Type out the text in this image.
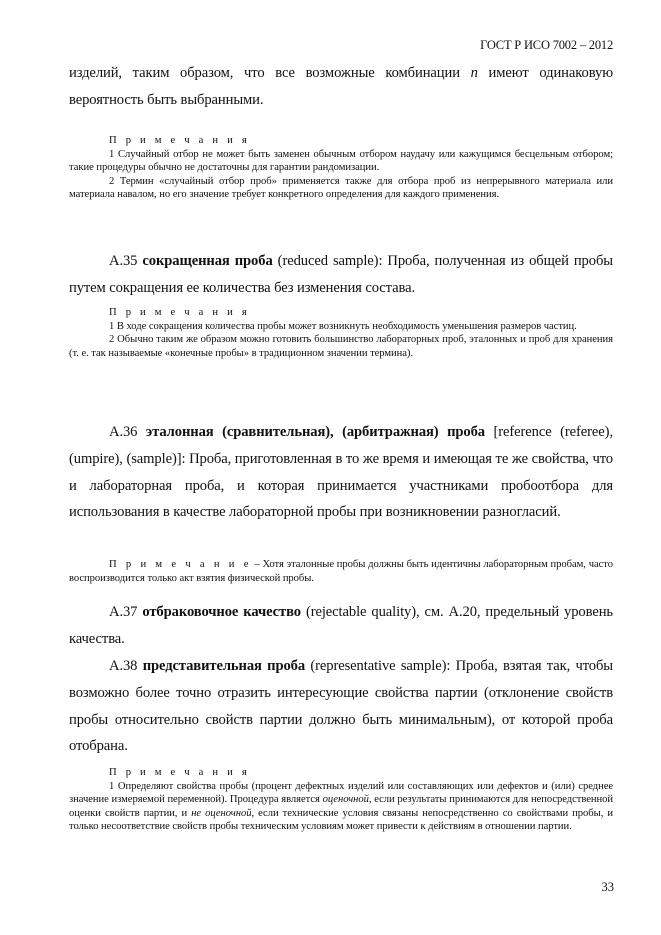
ГОСТ Р ИСО 7002 – 2012
изделий, таким образом, что все возможные комбинации n имеют одинаковую вероятность быть выбранными.
П р и м е ч а н и я

1 Случайный отбор не может быть заменен обычным отбором наудачу или кажущимся бесцельным отбором; такие процедуры обычно не достаточны для гарантии рандомизации.

2 Термин «случайный отбор проб» применяется также для отбора проб из непрерывного материала или материала навалом, но его значение требует конкретного определения для каждого применения.

А.35 сокращенная проба (reduced sample): Проба, полученная из общей пробы путем сокращения ее количества без изменения состава.
П р и м е ч а н и я

1 В ходе сокращения количества пробы может возникнуть необходимость уменьшения размеров частиц.

2 Обычно таким же образом можно готовить большинство лабораторных проб, эталонных и проб для хранения (т. е. так называемые «конечные пробы» в традиционном значении термина).

А.36 эталонная (сравнительная), (арбитражная) проба [reference (referee), (umpire), (sample)]: Проба, приготовленная в то же время и имеющая те же свойства, что и лабораторная проба, и которая принимается участниками пробоотбора для использования в качестве лабораторной пробы при возникновении разногласий.

П р и м е ч а н и е – Хотя эталонные пробы должны быть идентичны лабораторным пробам, часто воспроизводится только акт взятия физической пробы.

А.37 отбраковочное качество (rejectable quality), см. А.20, предельный уровень качества.
А.38 представительная проба (representative sample): Проба, взятая так, чтобы возможно более точно отразить интересующие свойства партии (отклонение свойств пробы относительно свойств партии должно быть минимальным), от которой проба отобрана.
П р и м е ч а н и я

1 Определяют свойства пробы (процент дефектных изделий или составляющих или дефектов и (или) среднее значение измеряемой переменной). Процедура является оценочной, если результаты принимаются для непосредственной оценки свойств партии, и не оценочной, если технические условия связаны непосредственно со свойствами пробы, и только несоответствие свойств пробы техническим условиям может привести к действиям в отношении партии.

33
